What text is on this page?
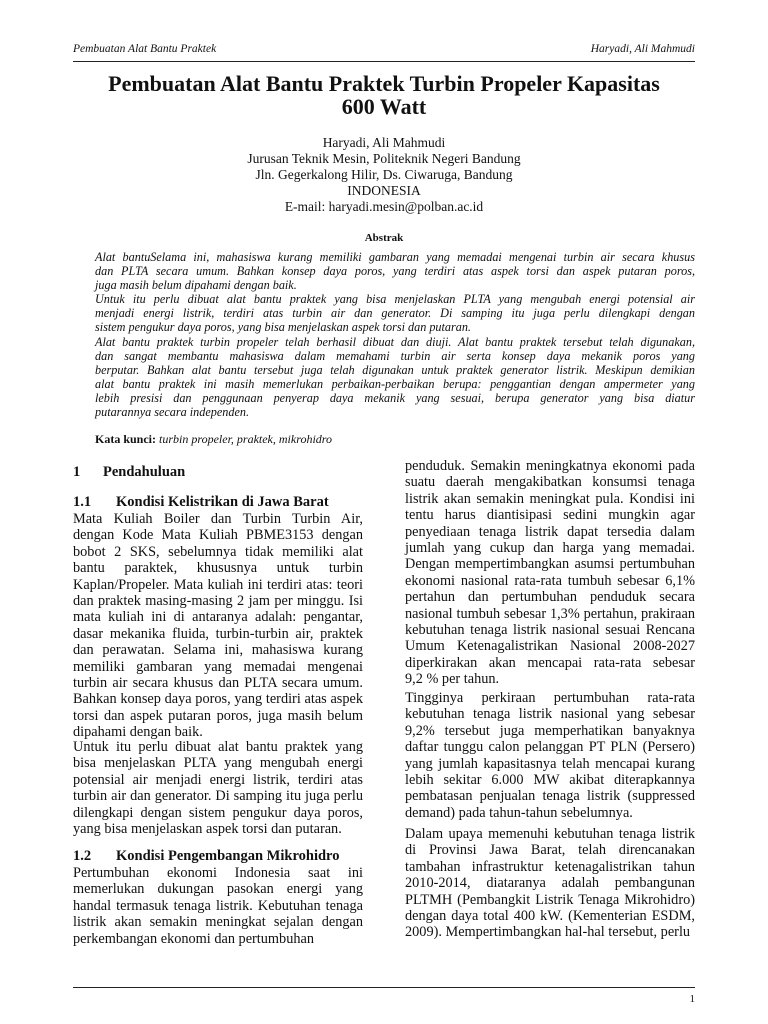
Pembuatan Alat Bantu Praktek	Haryadi, Ali Mahmudi
Pembuatan Alat Bantu Praktek Turbin Propeler Kapasitas
600 Watt
Haryadi, Ali Mahmudi
Jurusan Teknik Mesin, Politeknik Negeri Bandung
Jln. Gegerkalong Hilir, Ds. Ciwaruga, Bandung
INDONESIA
E-mail: haryadi.mesin@polban.ac.id
Abstrak
Alat bantuSelama ini, mahasiswa kurang memiliki gambaran yang memadai mengenai turbin air secara khusus
dan PLTA secara umum. Bahkan konsep daya poros, yang terdiri atas aspek torsi dan aspek putaran poros,
juga masih belum dipahami dengan baik.
Untuk itu perlu dibuat alat bantu praktek yang bisa menjelaskan PLTA yang mengubah energi potensial air
menjadi energi listrik, terdiri atas turbin air dan generator. Di samping itu juga perlu dilengkapi dengan
sistem pengukur daya poros, yang bisa menjelaskan aspek torsi dan putaran.
Alat bantu praktek turbin propeler telah berhasil dibuat dan diuji. Alat bantu praktek tersebut telah digunakan,
dan sangat membantu mahasiswa dalam memahami turbin air serta konsep daya mekanik poros yang
berputar. Bahkan alat bantu tersebut juga telah digunakan untuk praktek generator listrik. Meskipun demikian
alat bantu praktek ini masih memerlukan perbaikan-perbaikan berupa: penggantian dengan ampermeter yang
lebih presisi dan penggunaan penyerap daya mekanik yang sesuai, berupa generator yang bisa diatur
putarannya secara independen.
Kata kunci: turbin propeler, praktek, mikrohidro
1 Pendahuluan
1.1 Kondisi Kelistrikan di Jawa Barat
Mata Kuliah Boiler dan Turbin Turbin Air,
dengan Kode Mata Kuliah PBME3153 dengan
bobot 2 SKS, sebelumnya tidak memiliki alat
bantu paraktek, khususnya untuk turbin
Kaplan/Propeler. Mata kuliah ini terdiri atas: teori
dan praktek masing-masing 2 jam per minggu. Isi
mata kuliah ini di antaranya adalah: pengantar,
dasar mekanika fluida, turbin-turbin air, praktek
dan perawatan. Selama ini, mahasiswa kurang
memiliki gambaran yang memadai mengenai
turbin air secara khusus dan PLTA secara umum.
Bahkan konsep daya poros, yang terdiri atas aspek
torsi dan aspek putaran poros, juga masih belum
dipahami dengan baik.
Untuk itu perlu dibuat alat bantu praktek yang
bisa menjelaskan PLTA yang mengubah energi
potensial air menjadi energi listrik, terdiri atas
turbin air dan generator. Di samping itu juga perlu
dilengkapi dengan sistem pengukur daya poros,
yang bisa menjelaskan aspek torsi dan putaran.
1.2 Kondisi Pengembangan Mikrohidro
Pertumbuhan ekonomi Indonesia saat ini
memerlukan dukungan pasokan energi yang
handal termasuk tenaga listrik. Kebutuhan tenaga
listrik akan semakin meningkat sejalan dengan
perkembangan ekonomi dan pertumbuhan
penduduk. Semakin meningkatnya ekonomi pada
suatu daerah mengakibatkan konsumsi tenaga
listrik akan semakin meningkat pula. Kondisi ini
tentu harus diantisipasi sedini mungkin agar
penyediaan tenaga listrik dapat tersedia dalam
jumlah yang cukup dan harga yang memadai.
Dengan mempertimbangkan asumsi pertumbuhan
ekonomi nasional rata-rata tumbuh sebesar 6,1%
pertahun dan pertumbuhan penduduk secara
nasional tumbuh sebesar 1,3% pertahun, prakiraan
kebutuhan tenaga listrik nasional sesuai Rencana
Umum Ketenagalistrikan Nasional 2008-2027
diperkirakan akan mencapai rata-rata sebesar
9,2 % per tahun.
Tingginya perkiraan pertumbuhan rata-rata
kebutuhan tenaga listrik nasional yang sebesar
9,2% tersebut juga memperhatikan banyaknya
daftar tunggu calon pelanggan PT PLN (Persero)
yang jumlah kapasitasnya telah mencapai kurang
lebih sekitar 6.000 MW akibat diterapkannya
pembatasan penjualan tenaga listrik (suppressed
demand) pada tahun-tahun sebelumnya.
Dalam upaya memenuhi kebutuhan tenaga listrik
di Provinsi Jawa Barat, telah direncanakan
tambahan infrastruktur ketenagalistrikan tahun
2010-2014, diataranya adalah pembangunan
PLTMH (Pembangkit Listrik Tenaga Mikrohidro)
dengan daya total 400 kW. (Kementerian ESDM,
2009). Mempertimbangkan hal-hal tersebut, perlu
1
